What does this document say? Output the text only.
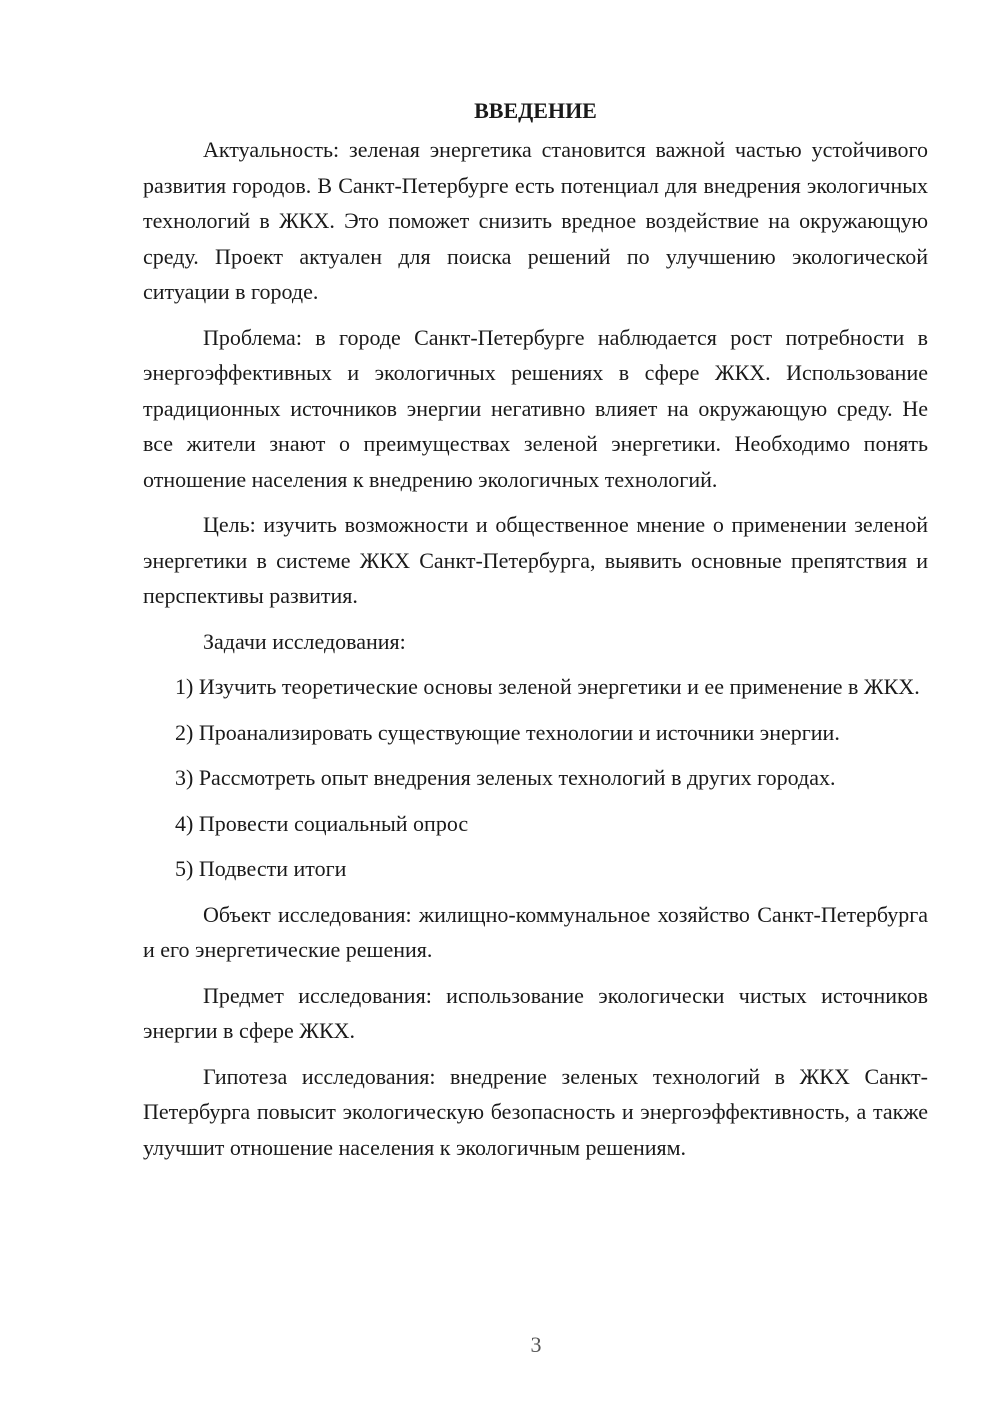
ВВЕДЕНИЕ

Актуальность: зеленая энергетика становится важной частью устойчивого развития городов. В Санкт-Петербурге есть потенциал для внедрения экологичных технологий в ЖКХ. Это поможет снизить вредное воздействие на окружающую среду. Проект актуален для поиска решений по улучшению экологической ситуации в городе.

Проблема: в городе Санкт-Петербурге наблюдается рост потребности в энергоэффективных и экологичных решениях в сфере ЖКХ. Использование традиционных источников энергии негативно влияет на окружающую среду. Не все жители знают о преимуществах зеленой энергетики. Необходимо понять отношение населения к внедрению экологичных технологий.

Цель: изучить возможности и общественное мнение о применении зеленой энергетики в системе ЖКХ Санкт-Петербурга, выявить основные препятствия и перспективы развития.

Задачи исследования:

1) Изучить теоретические основы зеленой энергетики и ее применение в ЖКХ.

2) Проанализировать существующие технологии и источники энергии.

3) Рассмотреть опыт внедрения зеленых технологий в других городах.

4) Провести социальный опрос

5) Подвести итоги

Объект исследования: жилищно-коммунальное хозяйство Санкт-Петербурга и его энергетические решения.

Предмет исследования: использование экологически чистых источников энергии в сфере ЖКХ.

Гипотеза исследования: внедрение зеленых технологий в ЖКХ Санкт-Петербурга повысит экологическую безопасность и энергоэффективность, а также улучшит отношение населения к экологичным решениям.

3
